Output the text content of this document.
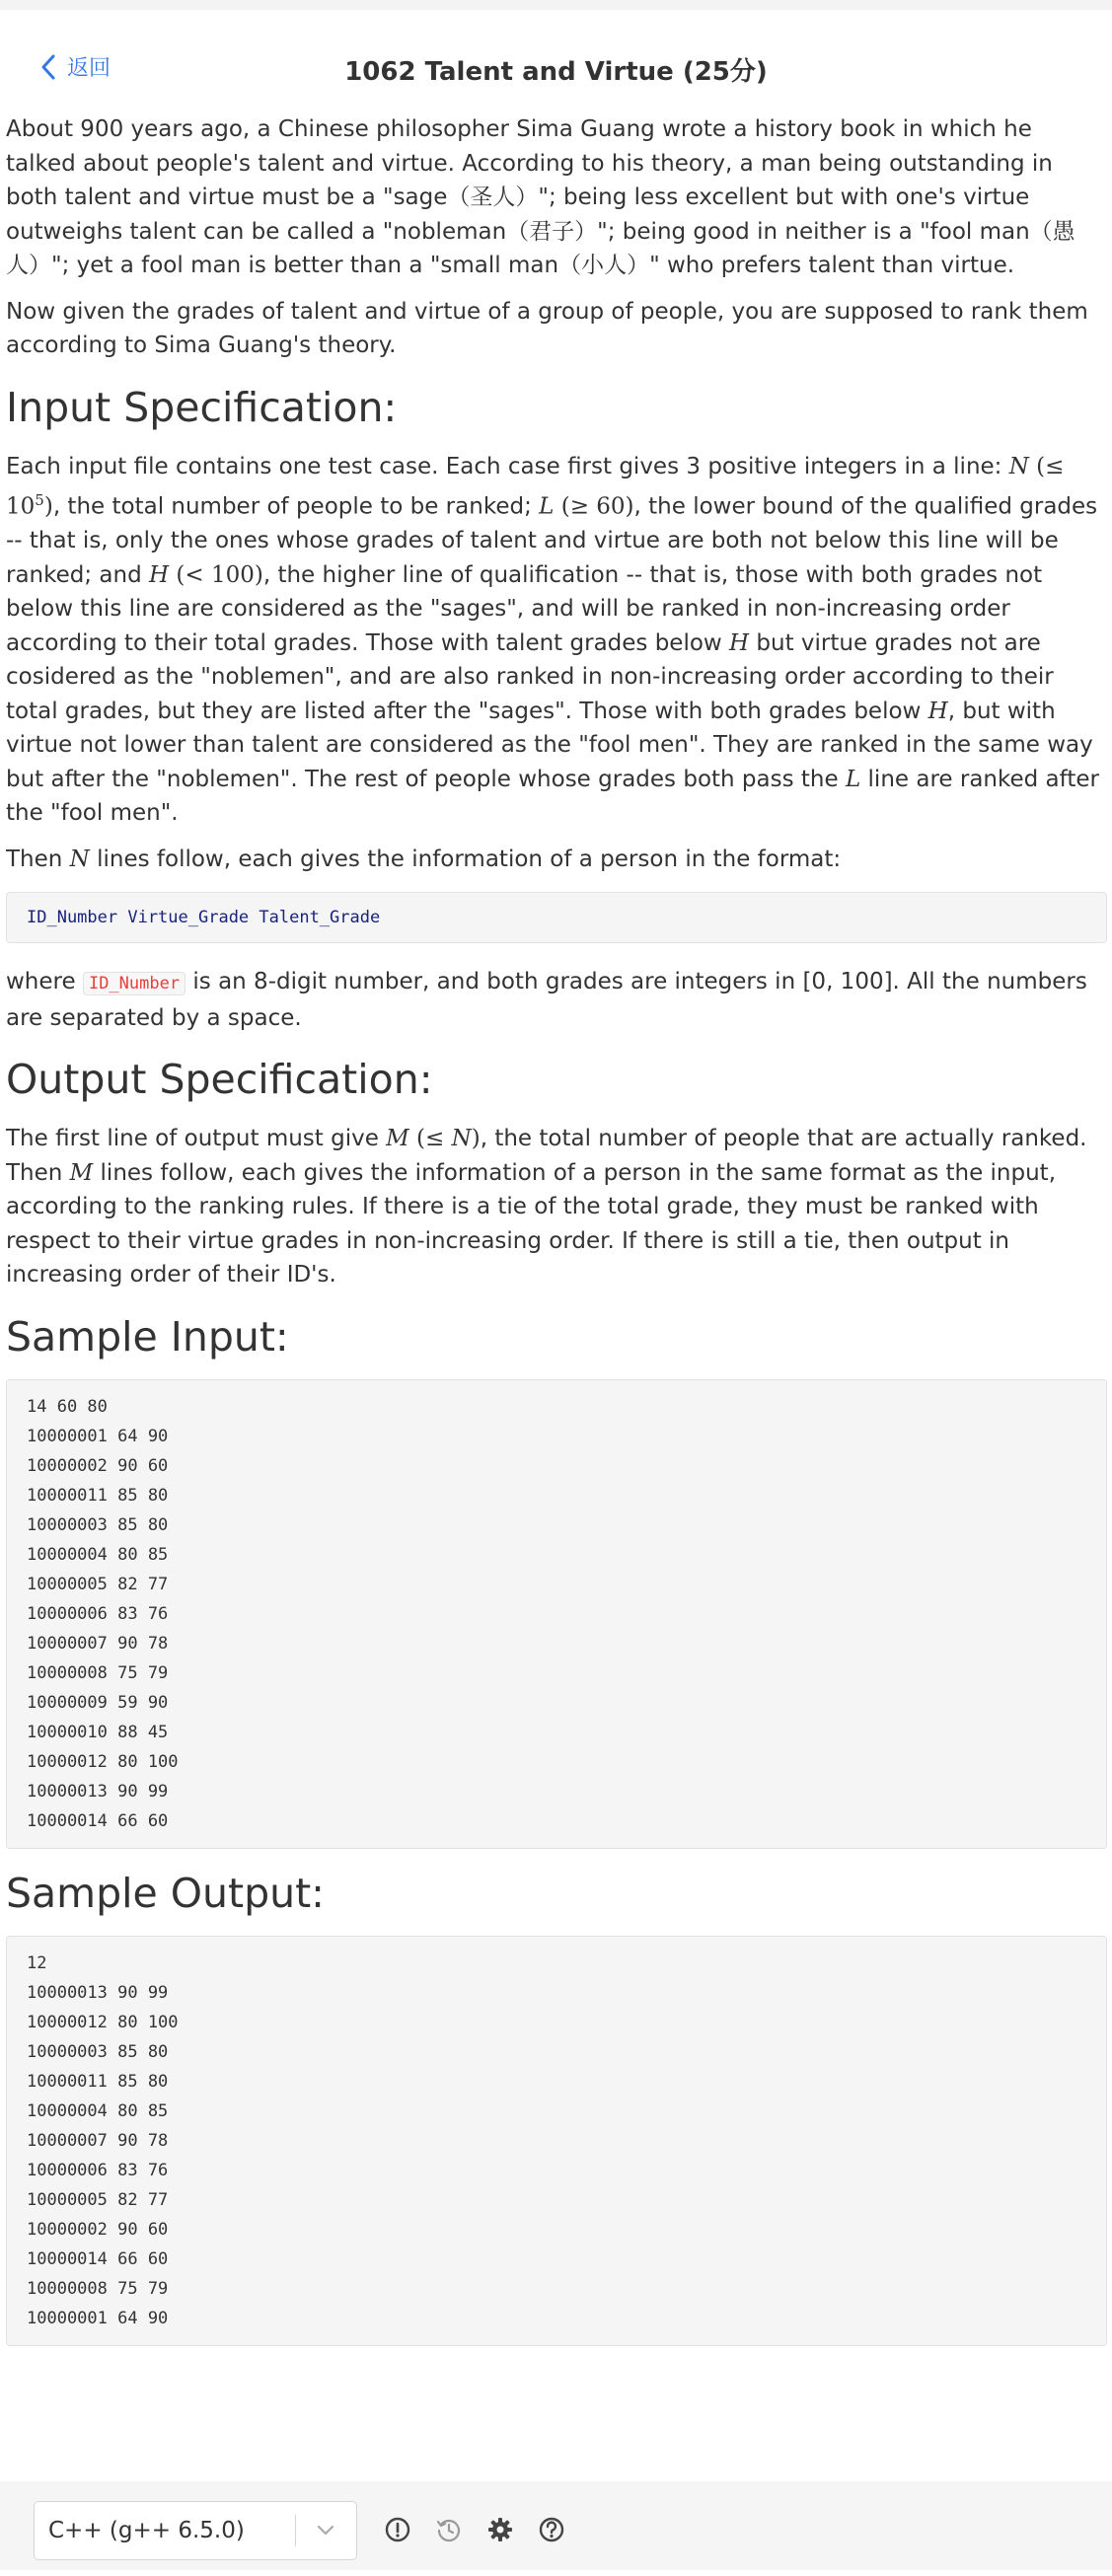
返回	1062 Talent and Virtue (25分)

About 900 years ago, a Chinese philosopher Sima Guang wrote a history book in which he talked about people's talent and virtue. According to his theory, a man being outstanding in both talent and virtue must be a "sage（圣人）"; being less excellent but with one's virtue outweighs talent can be called a "nobleman（君子）"; being good in neither is a "fool man（愚人）"; yet a fool man is better than a "small man（小人）" who prefers talent than virtue.

Now given the grades of talent and virtue of a group of people, you are supposed to rank them according to Sima Guang's theory.

Input Specification:

Each input file contains one test case. Each case first gives 3 positive integers in a line: N (≤ $10^5$), the total number of people to be ranked; L (≥ 60), the lower bound of the qualified grades -- that is, only the ones whose grades of talent and virtue are both not below this line will be ranked; and H (< 100), the higher line of qualification -- that is, those with both grades not below this line are considered as the "sages", and will be ranked in non-increasing order according to their total grades. Those with talent grades below H but virtue grades not are cosidered as the "noblemen", and are also ranked in non-increasing order according to their total grades, but they are listed after the "sages". Those with both grades below H, but with virtue not lower than talent are considered as the "fool men". They are ranked in the same way but after the "noblemen". The rest of people whose grades both pass the L line are ranked after the "fool men".

Then N lines follow, each gives the information of a person in the format:

ID_Number Virtue_Grade Talent_Grade

where ID_Number is an 8-digit number, and both grades are integers in [0, 100]. All the numbers are separated by a space.

Output Specification:

The first line of output must give M (≤ N), the total number of people that are actually ranked. Then M lines follow, each gives the information of a person in the same format as the input, according to the ranking rules. If there is a tie of the total grade, they must be ranked with respect to their virtue grades in non-increasing order. If there is still a tie, then output in increasing order of their ID's.

Sample Input:
14 60 80
10000001 64 90
10000002 90 60
10000011 85 80
10000003 85 80
10000004 80 85
10000005 82 77
10000006 83 76
10000007 90 78
10000008 75 79
10000009 59 90
10000010 88 45
10000012 80 100
10000013 90 99
10000014 66 60
Sample Output:
12
10000013 90 99
10000012 80 100
10000003 85 80
10000011 85 80
10000004 80 85
10000007 90 78
10000006 83 76
10000005 82 77
10000002 90 60
10000014 66 60
10000008 75 79
10000001 64 90
C++ (g++ 6.5.0)
